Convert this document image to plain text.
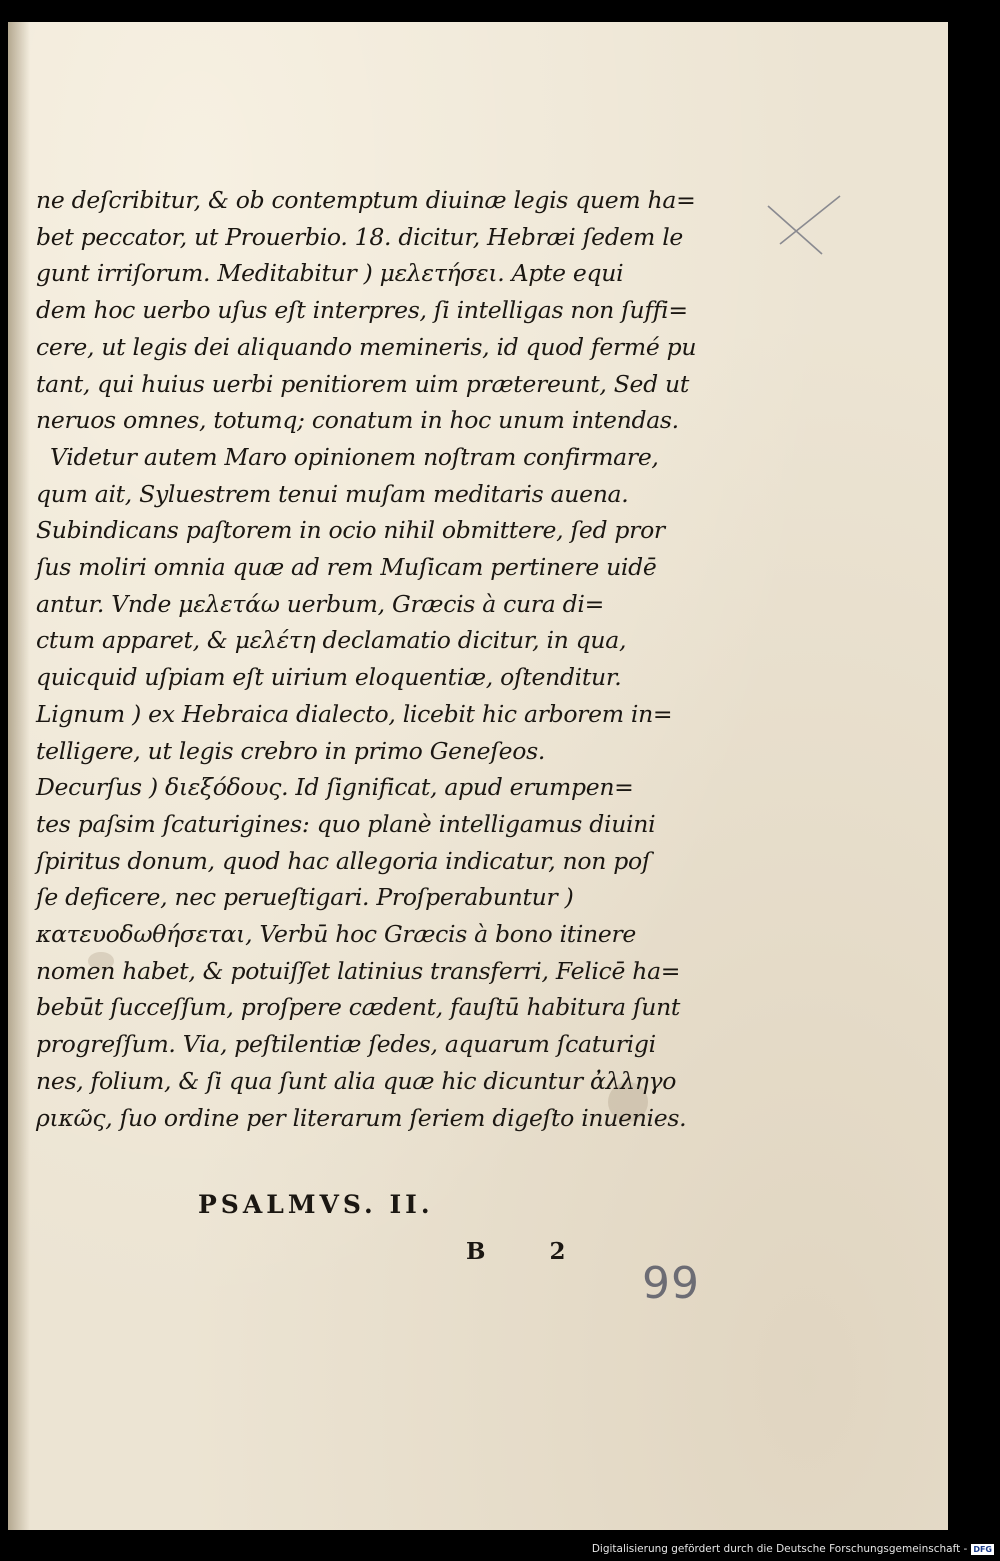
ne deſcribitur, & ob contemptum diuinæ legis quem ha=
bet peccator, ut Prouerbio. 18. dicitur, Hebræi ſedem le
gunt irriſorum. Meditabitur ) μελετήσει. Apte equi
dem hoc uerbo uſus eſt interpres, ſi intelligas non ſuffi=
cere, ut legis dei aliquando memineris, id quod fermé pu
tant, qui huius uerbi penitiorem uim prætereunt, Sed ut
neruos omnes, totumq; conatum in hoc unum intendas.
Videtur autem Maro opinionem noſtram confirmare,
qum ait, Syluestrem tenui muſam meditaris auena.
Subindicans paſtorem in ocio nihil obmittere, ſed pror
ſus moliri omnia quæ ad rem Muſicam pertinere uidē
antur. Vnde μελετάω uerbum, Græcis à cura di=
ctum apparet, & μελέτη declamatio dicitur, in qua,
quicquid uſpiam eſt uirium eloquentiæ, oſtenditur.
Lignum ) ex Hebraica dialecto, licebit hic arborem in=
telligere, ut legis crebro in primo Geneſeos.
Decurſus ) διεξόδους. Id ſignificat, apud erumpen=
tes paſsim ſcaturigines: quo planè intelligamus diuini
ſpiritus donum, quod hac allegoria indicatur, non poſ
ſe deficere, nec perueſtigari. Proſperabuntur )
κατευοδωθήσεται, Verbū hoc Græcis à bono itinere
nomen habet, & potuiſſet latinius transferri, Felicē ha=
bebūt ſucceſſum, proſpere cædent, fauſtū habitura ſunt
progreſſum. Via, peſtilentiæ ſedes, aquarum ſcaturigi
nes, folium, & ſi qua ſunt alia quæ hic dicuntur ἀλληγο
ρικῶς, ſuo ordine per literarum ſeriem digeſto inuenies.
PSALMVS. II.
B 2
99
Digitalisierung gefördert durch die Deutsche Forschungsgemeinschaft - DFG
